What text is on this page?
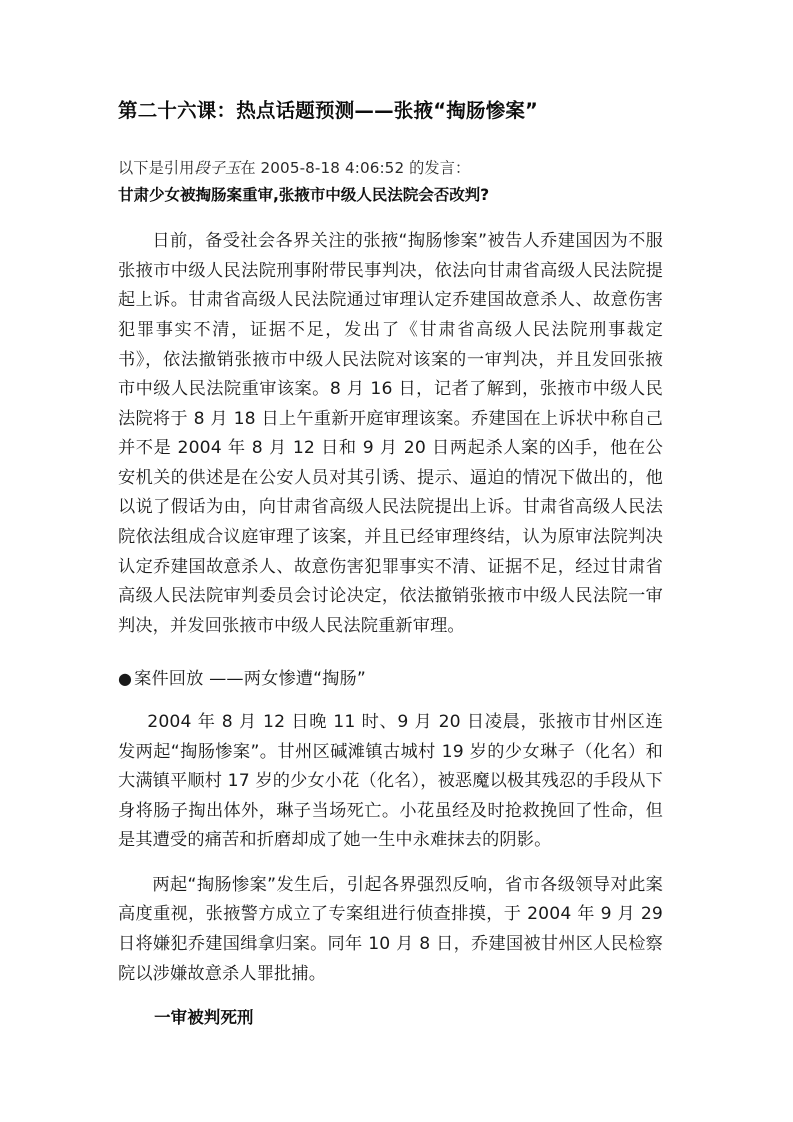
第二十六课：热点话题预测——张掖“掏肠惨案”

以下是引用段子玉在 2005-8-18 4:06:52 的发言：

甘肃少女被掏肠案重审,张掖市中级人民法院会否改判?

日前，备受社会各界关注的张掖“掏肠惨案”被告人乔建国因为不服张掖市中级人民法院刑事附带民事判决，依法向甘肃省高级人民法院提起上诉。甘肃省高级人民法院通过审理认定乔建国故意杀人、故意伤害犯罪事实不清，证据不足，发出了《甘肃省高级人民法院刑事裁定书》，依法撤销张掖市中级人民法院对该案的一审判决，并且发回张掖市中级人民法院重审该案。8 月 16 日，记者了解到，张掖市中级人民法院将于 8 月 18 日上午重新开庭审理该案。乔建国在上诉状中称自己并不是 2004 年 8 月 12 日和 9 月 20 日两起杀人案的凶手，他在公安机关的供述是在公安人员对其引诱、提示、逼迫的情况下做出的，他以说了假话为由，向甘肃省高级人民法院提出上诉。甘肃省高级人民法院依法组成合议庭审理了该案，并且已经审理终结，认为原审法院判决认定乔建国故意杀人、故意伤害犯罪事实不清、证据不足，经过甘肃省高级人民法院审判委员会讨论决定，依法撤销张掖市中级人民法院一审判决，并发回张掖市中级人民法院重新审理。

● 案件回放 ——两女惨遭“掏肠”

2004 年 8 月 12 日晚 11 时、9 月 20 日凌晨，张掖市甘州区连发两起“掏肠惨案”。甘州区碱滩镇古城村 19 岁的少女琳子（化名）和大满镇平顺村 17 岁的少女小花（化名），被恶魔以极其残忍的手段从下身将肠子掏出体外，琳子当场死亡。小花虽经及时抢救挽回了性命，但是其遭受的痛苦和折磨却成了她一生中永难抹去的阴影。

两起“掏肠惨案”发生后，引起各界强烈反响，省市各级领导对此案高度重视，张掖警方成立了专案组进行侦查排摸，于 2004 年 9 月 29 日将嫌犯乔建国缉拿归案。同年 10 月 8 日，乔建国被甘州区人民检察院以涉嫌故意杀人罪批捕。

一审被判死刑
